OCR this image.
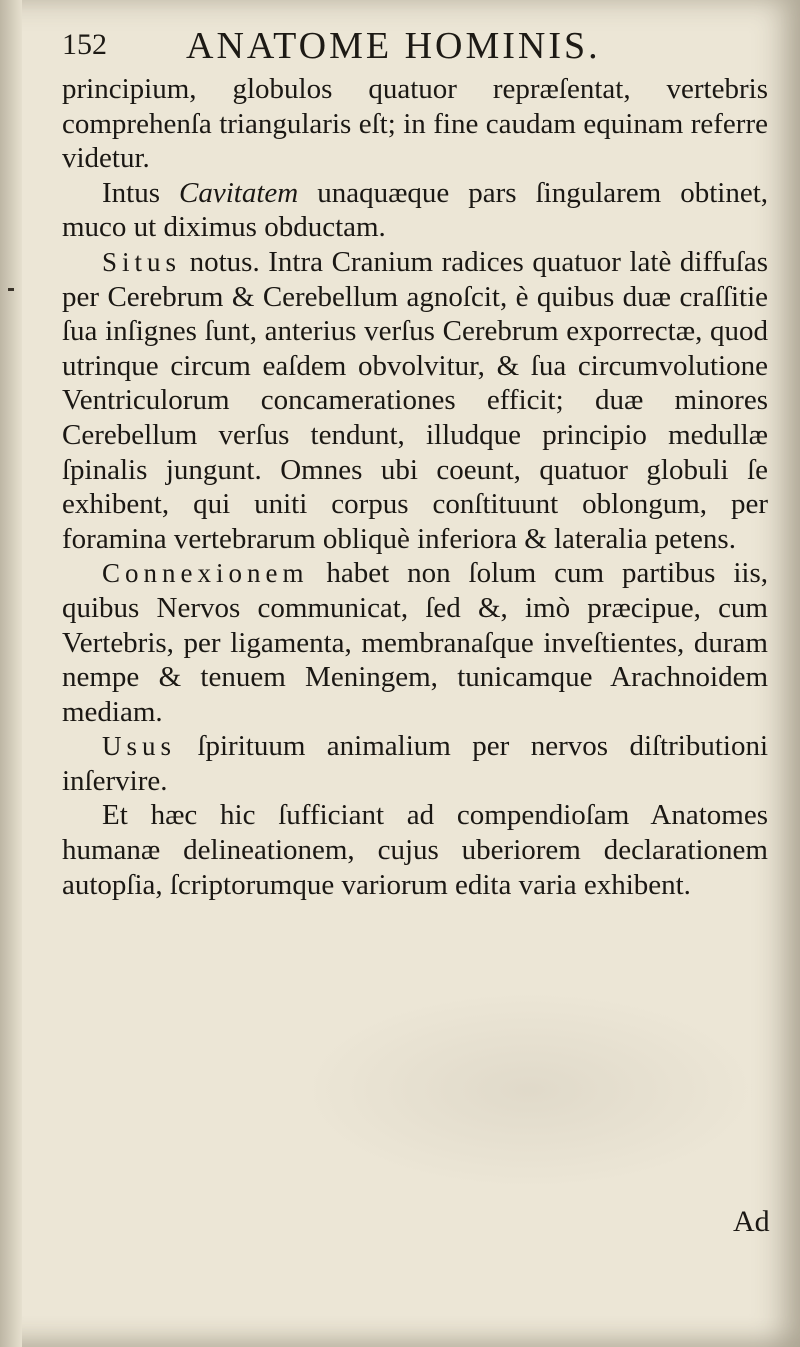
152 ANATOME HOMINIS.

principium, globulos quatuor repræſentat, vertebris comprehenſa triangularis eſt; in fine caudam equinam referre videtur.

Intus Cavitatem unaquæque pars ſingularem obtinet, muco ut diximus obductam.

Situs notus. Intra Cranium radices quatuor latè diffuſas per Cerebrum & Cerebellum agnoſcit, è quibus duæ craſſitie ſua inſignes ſunt, anterius verſus Cerebrum exporrectæ, quod utrinque circum eaſdem obvolvitur, & ſua circumvolutione Ventriculorum concamerationes efficit; duæ minores Cerebellum verſus tendunt, illudque principio medullæ ſpinalis jungunt. Omnes ubi coeunt, quatuor globuli ſe exhibent, qui uniti corpus conſtituunt oblongum, per foramina vertebrarum obliquè inferiora & lateralia petens.

Connexionem habet non ſolum cum partibus iis, quibus Nervos communicat, ſed &, imò præcipue, cum Vertebris, per ligamenta, membranaſque inveſtientes, duram nempe & tenuem Meningem, tunicamque Arachnoidem mediam.

Usus ſpirituum animalium per nervos diſtributioni inſervire.

Et hæc hic ſufficiant ad compendioſam Anatomes humanæ delineationem, cujus uberiorem declarationem autopſia, ſcriptorumque variorum edita varia exhibent.

Ad
